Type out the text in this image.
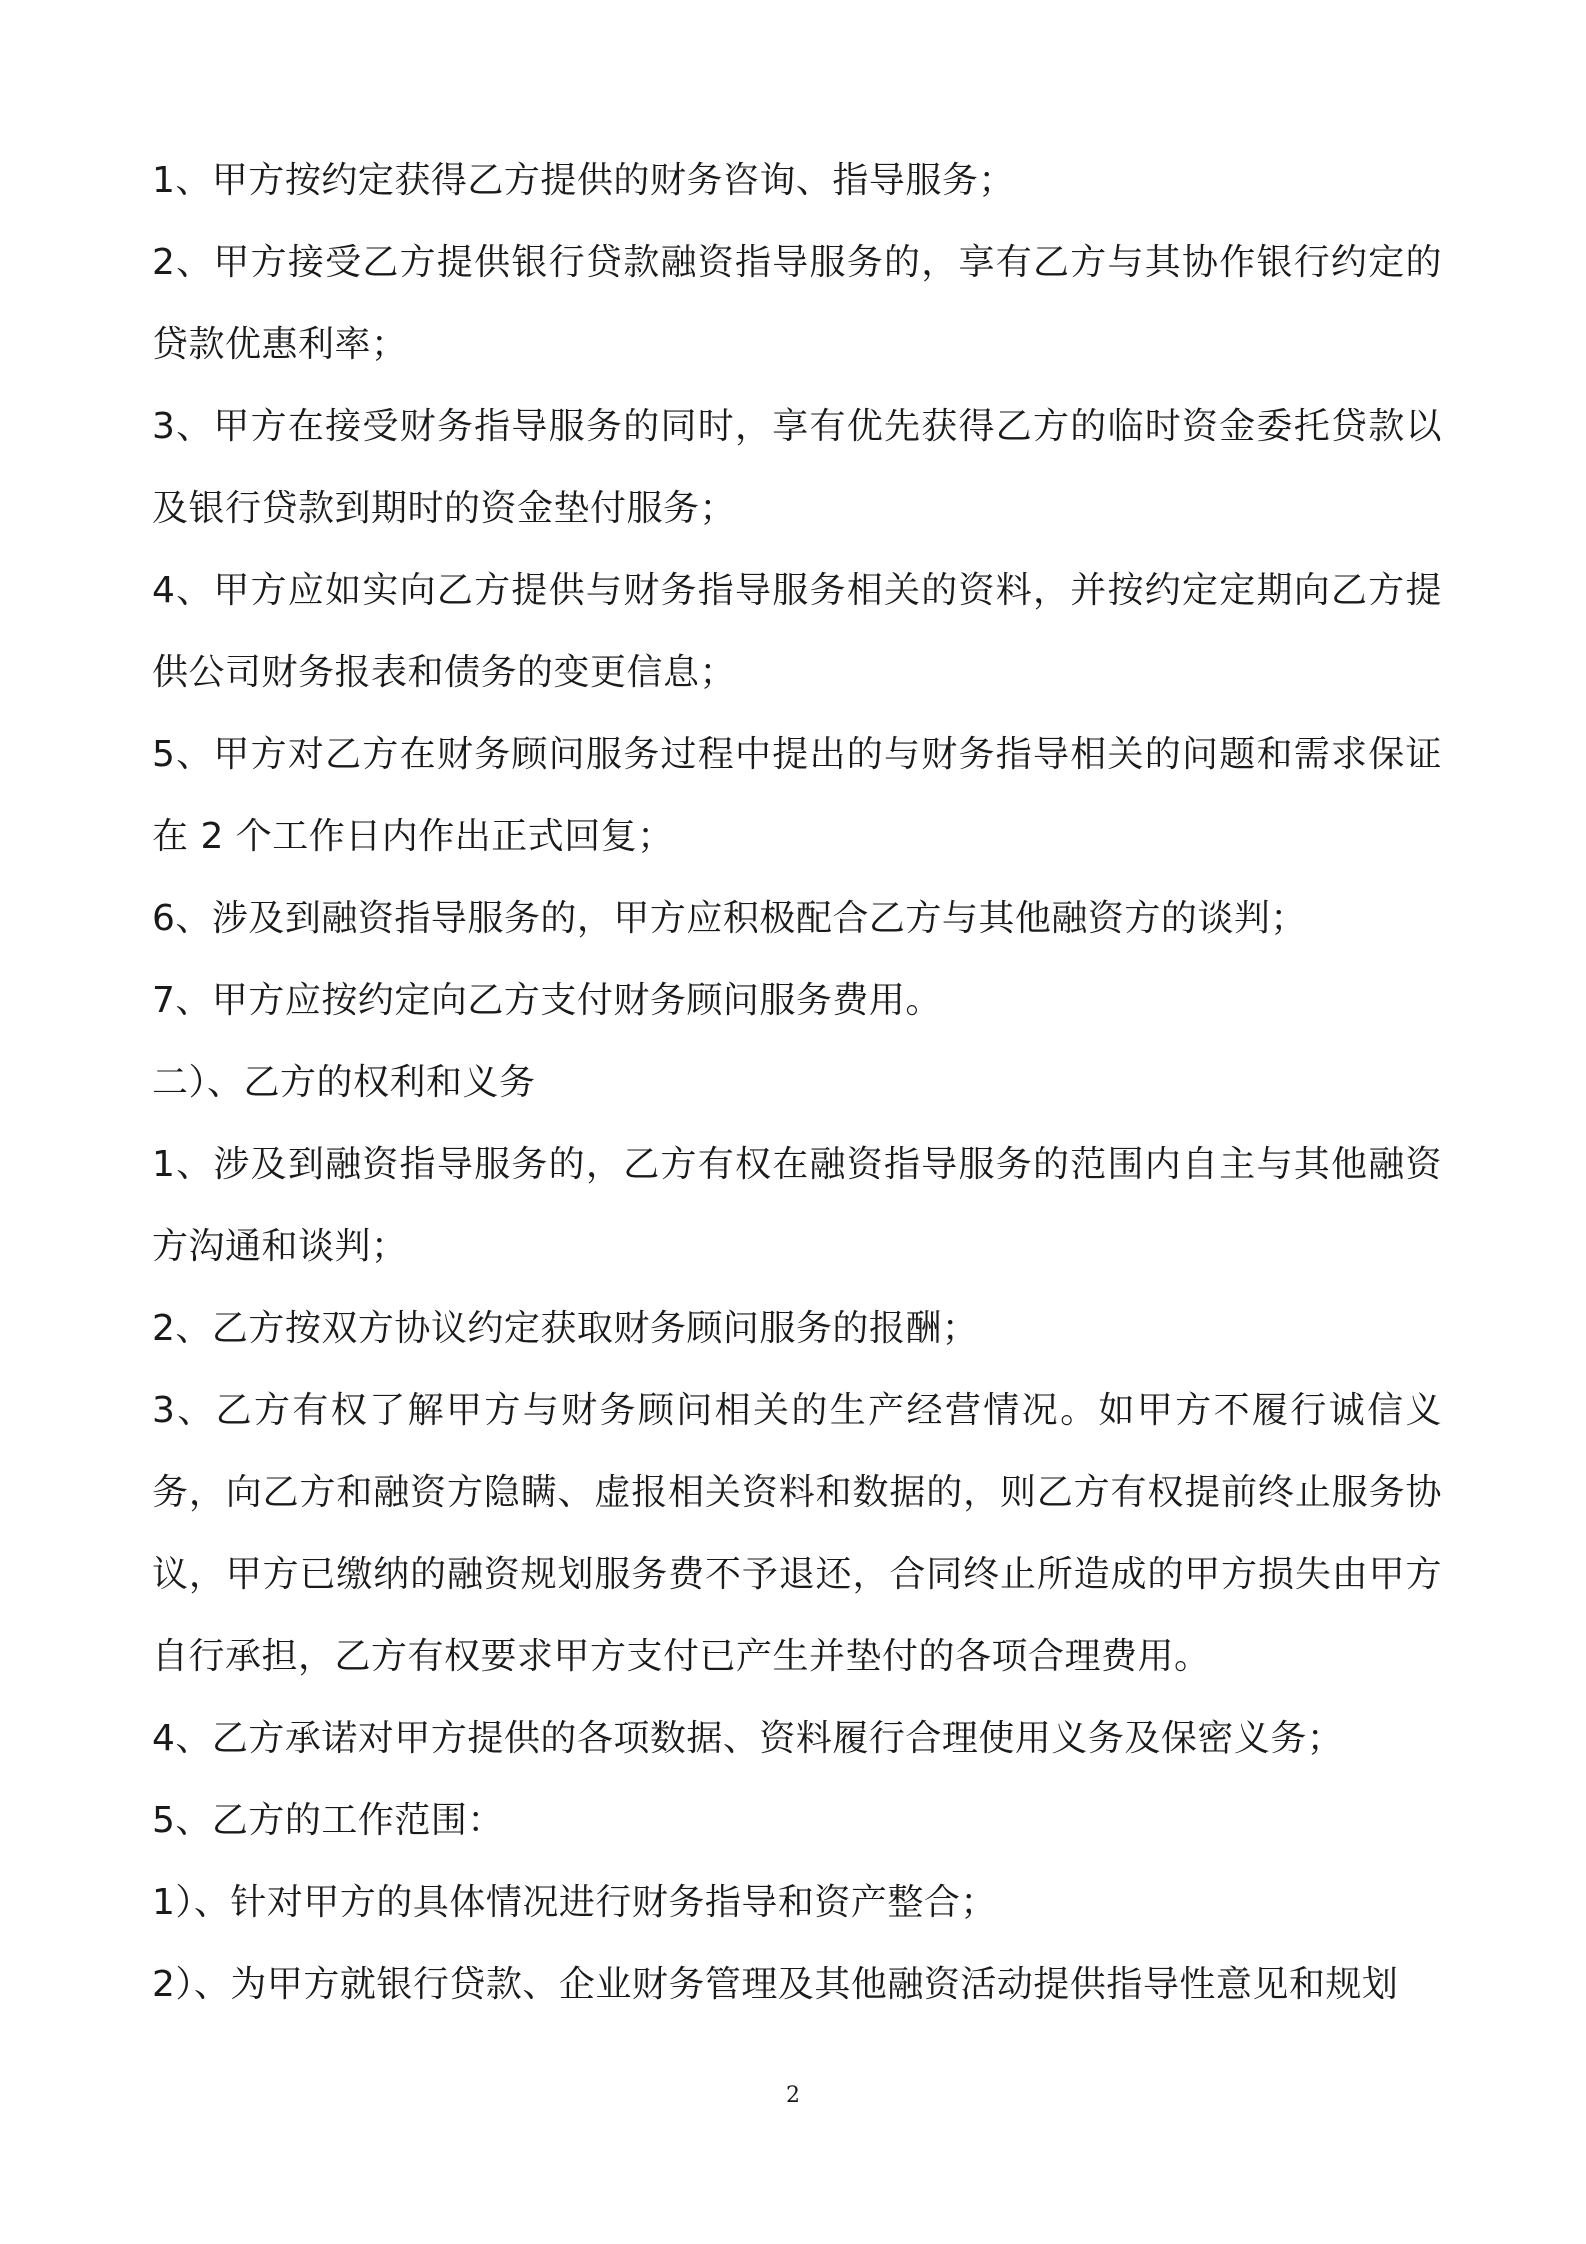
1、甲方按约定获得乙方提供的财务咨询、指导服务；

2、甲方接受乙方提供银行贷款融资指导服务的，享有乙方与其协作银行约定的贷款优惠利率；

3、甲方在接受财务指导服务的同时，享有优先获得乙方的临时资金委托贷款以及银行贷款到期时的资金垫付服务；

4、甲方应如实向乙方提供与财务指导服务相关的资料，并按约定定期向乙方提供公司财务报表和债务的变更信息；

5、甲方对乙方在财务顾问服务过程中提出的与财务指导相关的问题和需求保证在 2 个工作日内作出正式回复；

6、涉及到融资指导服务的，甲方应积极配合乙方与其他融资方的谈判；

7、甲方应按约定向乙方支付财务顾问服务费用。

二）、乙方的权利和义务

1、涉及到融资指导服务的，乙方有权在融资指导服务的范围内自主与其他融资方沟通和谈判；

2、乙方按双方协议约定获取财务顾问服务的报酬；

3、乙方有权了解甲方与财务顾问相关的生产经营情况。如甲方不履行诚信义务，向乙方和融资方隐瞒、虚报相关资料和数据的，则乙方有权提前终止服务协议，甲方已缴纳的融资规划服务费不予退还，合同终止所造成的甲方损失由甲方自行承担，乙方有权要求甲方支付已产生并垫付的各项合理费用。

4、乙方承诺对甲方提供的各项数据、资料履行合理使用义务及保密义务；

5、乙方的工作范围：

1）、针对甲方的具体情况进行财务指导和资产整合；

2）、为甲方就银行贷款、企业财务管理及其他融资活动提供指导性意见和规划

2
